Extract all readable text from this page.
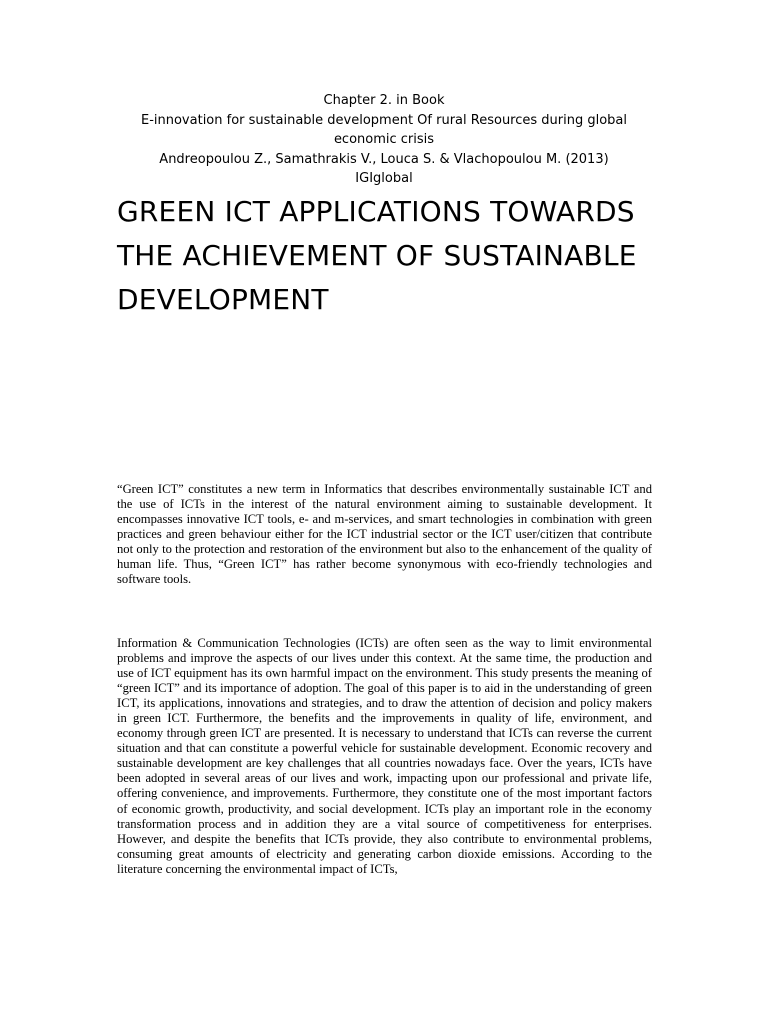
Chapter 2. in Book
E-innovation for sustainable development Of rural Resources during global
economic crisis
Andreopoulou Z., Samathrakis V., Louca S. & Vlachopoulou M. (2013)
IGIglobal
GREEN ICT APPLICATIONS TOWARDS THE ACHIEVEMENT OF SUSTAINABLE DEVELOPMENT

“Green ICT” constitutes a new term in Informatics that describes environmentally sustainable ICT and the use of ICTs in the interest of the natural environment aiming to sustainable development. It encompasses innovative ICT tools, e- and m-services, and smart technologies in combination with green practices and green behaviour either for the ICT industrial sector or the ICT user/citizen that contribute not only to the protection and restoration of the environment but also to the enhancement of the quality of human life. Thus, “Green ICT” has rather become synonymous with eco-friendly technologies and software tools.

Information & Communication Technologies (ICTs) are often seen as the way to limit environmental problems and improve the aspects of our lives under this context. At the same time, the production and use of ICT equipment has its own harmful impact on the environment. This study presents the meaning of “green ICT” and its importance of adoption. The goal of this paper is to aid in the understanding of green ICT, its applications, innovations and strategies, and to draw the attention of decision and policy makers in green ICT. Furthermore, the benefits and the improvements in quality of life, environment, and economy through green ICT are presented. It is necessary to understand that ICTs can reverse the current situation and that can constitute a powerful vehicle for sustainable development. Economic recovery and sustainable development are key challenges that all countries nowadays face. Over the years, ICTs have been adopted in several areas of our lives and work, impacting upon our professional and private life, offering convenience, and improvements. Furthermore, they constitute one of the most important factors of economic growth, productivity, and social development. ICTs play an important role in the economy transformation process and in addition they are a vital source of competitiveness for enterprises. However, and despite the benefits that ICTs provide, they also contribute to environmental problems, consuming great amounts of electricity and generating carbon dioxide emissions. According to the literature concerning the environmental impact of ICTs,
